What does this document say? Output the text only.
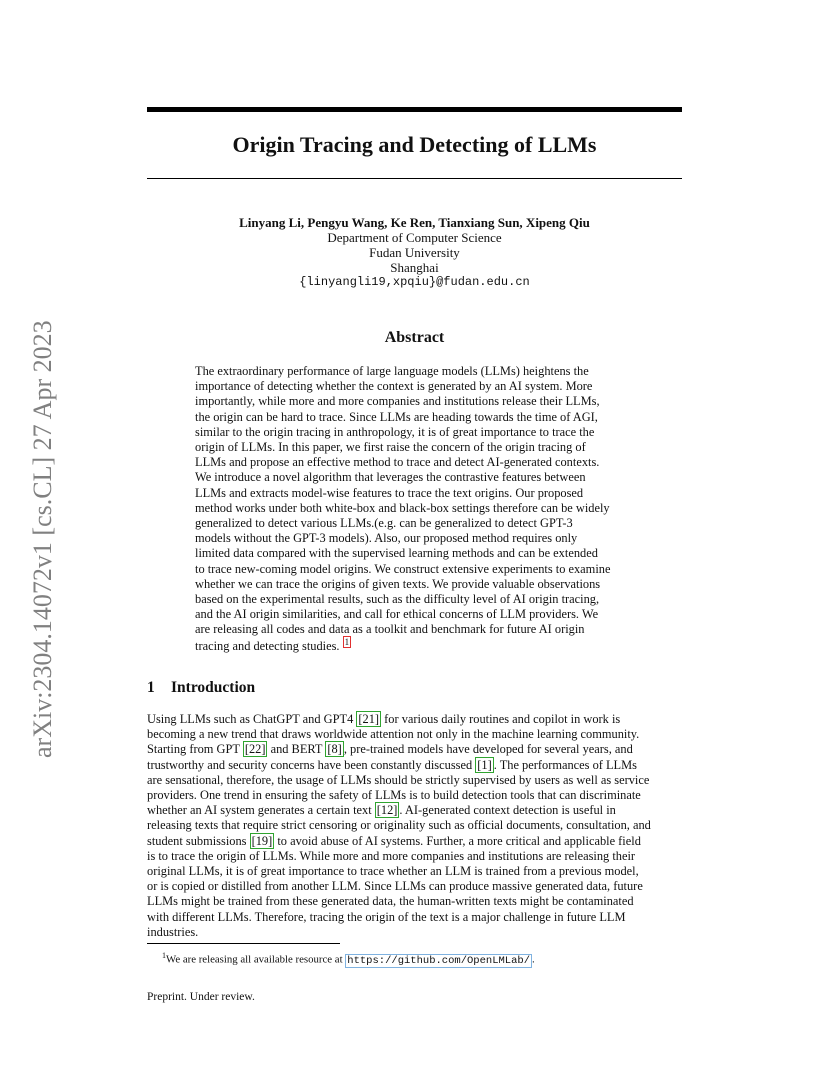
arXiv:2304.14072v1 [cs.CL] 27 Apr 2023
Origin Tracing and Detecting of LLMs
Linyang Li, Pengyu Wang, Ke Ren, Tianxiang Sun, Xipeng Qiu
Department of Computer Science
Fudan University
Shanghai
{linyangli19,xpqiu}@fudan.edu.cn
Abstract
The extraordinary performance of large language models (LLMs) heightens the
importance of detecting whether the context is generated by an AI system. More
importantly, while more and more companies and institutions release their LLMs,
the origin can be hard to trace. Since LLMs are heading towards the time of AGI,
similar to the origin tracing in anthropology, it is of great importance to trace the
origin of LLMs. In this paper, we first raise the concern of the origin tracing of
LLMs and propose an effective method to trace and detect AI-generated contexts.
We introduce a novel algorithm that leverages the contrastive features between
LLMs and extracts model-wise features to trace the text origins. Our proposed
method works under both white-box and black-box settings therefore can be widely
generalized to detect various LLMs.(e.g. can be generalized to detect GPT-3
models without the GPT-3 models). Also, our proposed method requires only
limited data compared with the supervised learning methods and can be extended
to trace new-coming model origins. We construct extensive experiments to examine
whether we can trace the origins of given texts. We provide valuable observations
based on the experimental results, such as the difficulty level of AI origin tracing,
and the AI origin similarities, and call for ethical concerns of LLM providers. We
are releasing all codes and data as a toolkit and benchmark for future AI origin
tracing and detecting studies. $^1$
1 Introduction
Using LLMs such as ChatGPT and GPT4 [21] for various daily routines and copilot in work is
becoming a new trend that draws worldwide attention not only in the machine learning community.
Starting from GPT [22] and BERT [8] , pre-trained models have developed for several years, and
trustworthy and security concerns have been constantly discussed [1] . The performances of LLMs
are sensational, therefore, the usage of LLMs should be strictly supervised by users as well as service
providers. One trend in ensuring the safety of LLMs is to build detection tools that can discriminate
whether an AI system generates a certain text [12] . AI-generated context detection is useful in
releasing texts that require strict censoring or originality such as official documents, consultation, and
student submissions [19] to avoid abuse of AI systems. Further, a more critical and applicable field
is to trace the origin of LLMs. While more and more companies and institutions are releasing their
original LLMs, it is of great importance to trace whether an LLM is trained from a previous model,
or is copied or distilled from another LLM. Since LLMs can produce massive generated data, future
LLMs might be trained from these generated data, the human-written texts might be contaminated
with different LLMs. Therefore, tracing the origin of the text is a major challenge in future LLM
industries.
$^1$We are releasing all available resource at https://github.com/OpenLMLab/ .
Preprint. Under review.
